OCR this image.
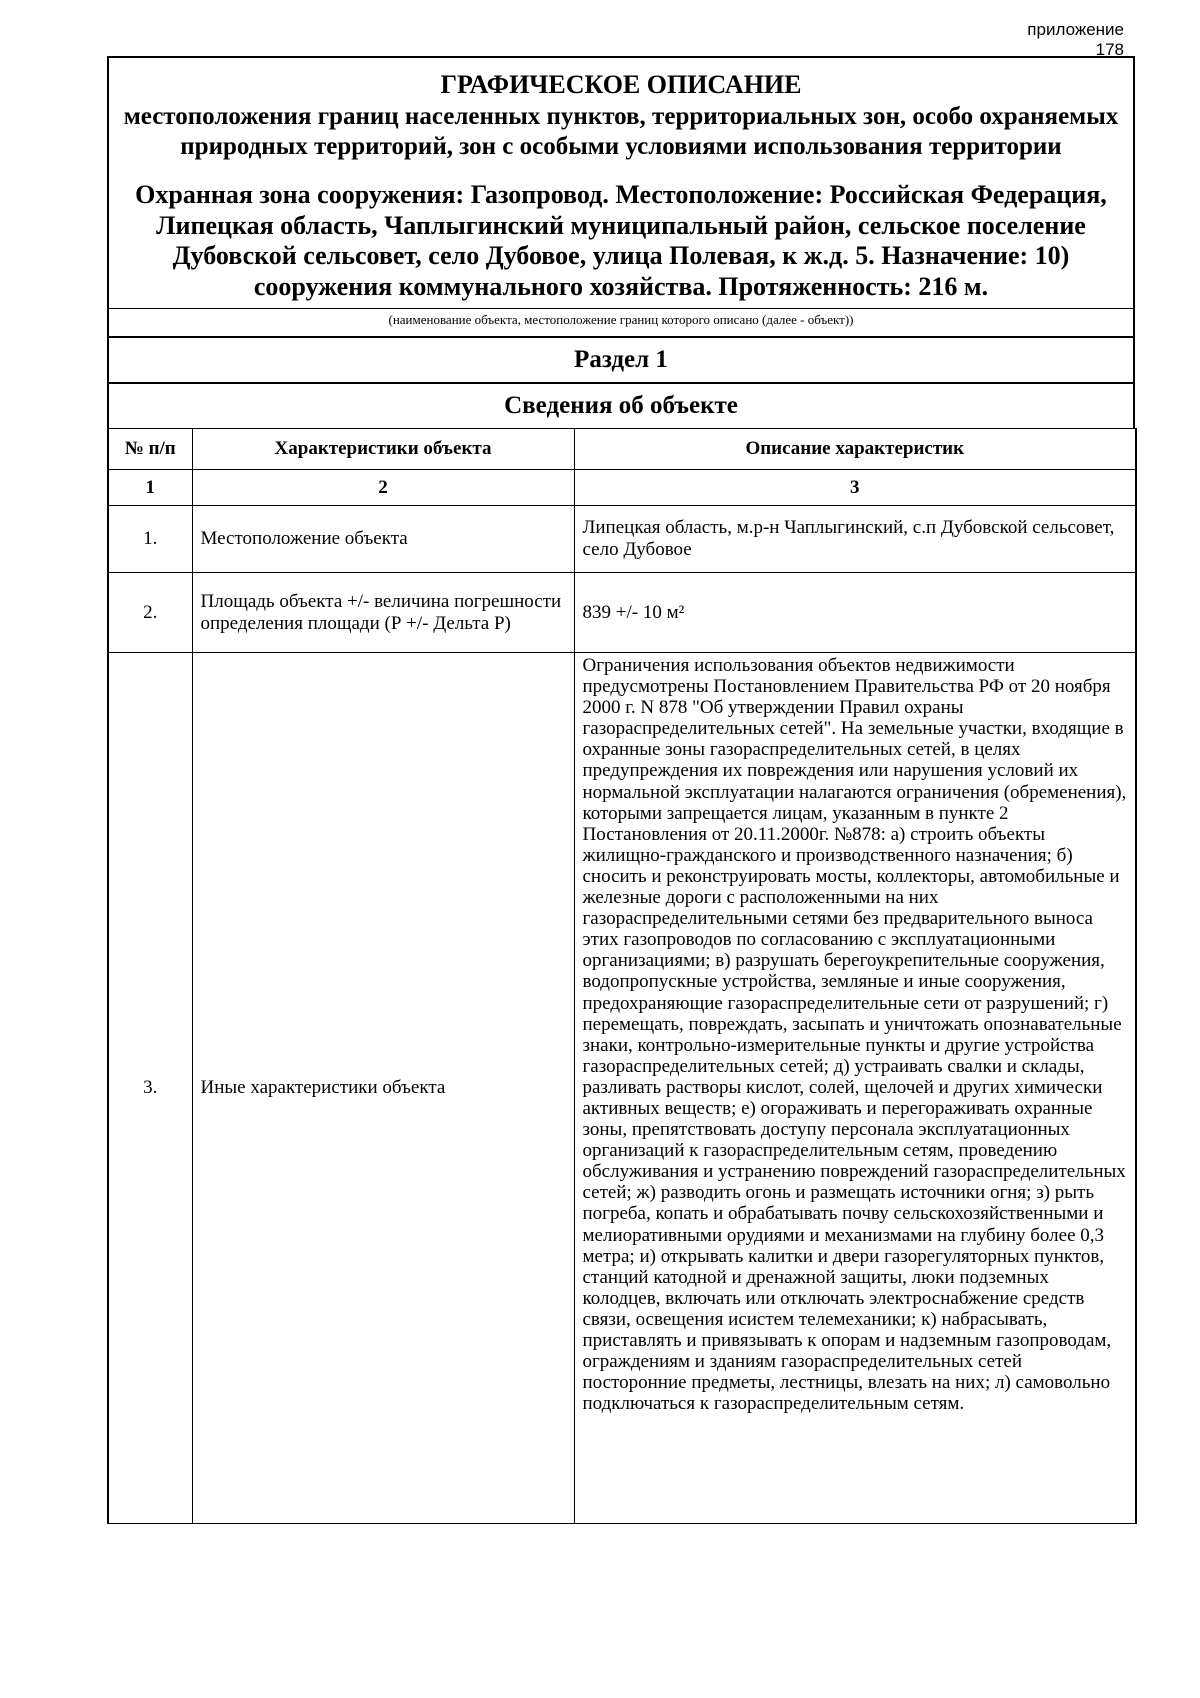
приложение 178
ГРАФИЧЕСКОЕ ОПИСАНИЕ
местоположения границ населенных пунктов, территориальных зон, особо охраняемых природных территорий, зон с особыми условиями использования территории
Охранная зона сооружения: Газопровод. Местоположение: Российская Федерация, Липецкая область, Чаплыгинский муниципальный район, сельское поселение Дубовской сельсовет, село Дубовое, улица Полевая, к ж.д. 5. Назначение: 10) сооружения коммунального хозяйства. Протяженность: 216 м.
(наименование объекта, местоположение границ которого описано (далее - объект))
Раздел 1
Сведения об объекте
№ п/п	Характеристики объекта	Описание характеристик
1	2	3
1.	Местоположение объекта	Липецкая область, м.р-н Чаплыгинский, с.п Дубовской сельсовет, село Дубовое
2.	Площадь объекта +/- величина погрешности определения площади (Р +/- Дельта Р)	839 +/- 10 м²
3.	Иные характеристики объекта	Ограничения использования объектов недвижимости предусмотрены Постановлением Правительства РФ от 20 ноября 2000 г. N 878 "Об утверждении Правил охраны газораспределительных сетей". На земельные участки, входящие в охранные зоны газораспределительных сетей, в целях предупреждения их повреждения или нарушения условий их нормальной эксплуатации налагаются ограничения (обременения), которыми запрещается лицам, указанным в пункте 2 Постановления от 20.11.2000г. №878: а) строить объекты жилищно-гражданского и производственного назначения; б) сносить и реконструировать мосты, коллекторы, автомобильные и железные дороги с расположенными на них газораспределительными сетями без предварительного выноса этих газопроводов по согласованию с эксплуатационными организациями; в) разрушать берегоукрепительные сооружения, водопропускные устройства, земляные и иные сооружения, предохраняющие газораспределительные сети от разрушений; г) перемещать, повреждать, засыпать и уничтожать опознавательные знаки, контрольно-измерительные пункты и другие устройства газораспределительных сетей; д) устраивать свалки и склады, разливать растворы кислот, солей, щелочей и других химически активных веществ; е) огораживать и перегораживать охранные зоны, препятствовать доступу персонала эксплуатационных организаций к газораспределительным сетям, проведению обслуживания и устранению повреждений газораспределительных сетей; ж) разводить огонь и размещать источники огня; з) рыть погреба, копать и обрабатывать почву сельскохозяйственными и мелиоративными орудиями и механизмами на глубину более 0,3 метра; и) открывать калитки и двери газорегуляторных пунктов, станций катодной и дренажной защиты, люки подземных колодцев, включать или отключать электроснабжение средств связи, освещения исистем телемеханики; к) набрасывать, приставлять и привязывать к опорам и надземным газопроводам, ограждениям и зданиям газораспределительных сетей посторонние предметы, лестницы, влезать на них; л) самовольно подключаться к газораспределительным сетям.
